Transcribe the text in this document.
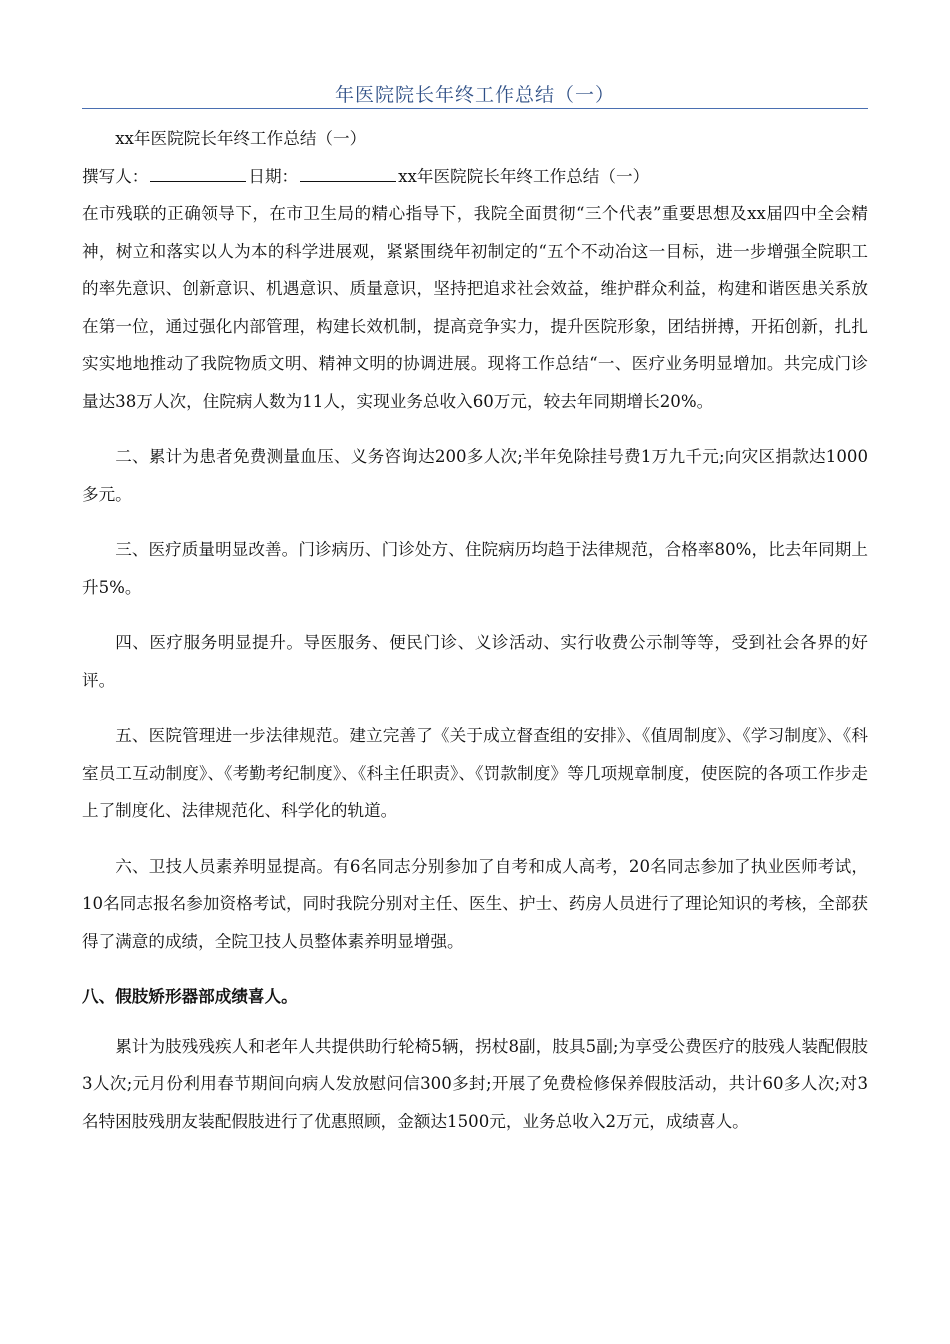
年医院院长年终工作总结（一）

xx年医院院长年终工作总结（一）

撰写人：	日期：	xx年医院院长年终工作总结（一）

在市残联的正确领导下，在市卫生局的精心指导下，我院全面贯彻“三个代表”重要思想及xx届四中全会精神，树立和落实以人为本的科学进展观，紧紧围绕年初制定的“五个不动冶这一目标，进一步增强全院职工的率先意识、创新意识、机遇意识、质量意识，坚持把追求社会效益，维护群众利益，构建和谐医患关系放在第一位，通过强化内部管理，构建长效机制，提高竞争实力，提升医院形象，团结拼搏，开拓创新，扎扎实实地地推动了我院物质文明、精神文明的协调进展。现将工作总结“一、医疗业务明显增加。共完成门诊量达38万人次，住院病人数为11人，实现业务总收入60万元，较去年同期增长20%。

二、累计为患者免费测量血压、义务咨询达200多人次;半年免除挂号费1万九千元;向灾区捐款达1000多元。

三、医疗质量明显改善。门诊病历、门诊处方、住院病历均趋于法律规范，合格率80%，比去年同期上升5%。

四、医疗服务明显提升。导医服务、便民门诊、义诊活动、实行收费公示制等等，受到社会各界的好评。

五、医院管理进一步法律规范。建立完善了《关于成立督查组的安排》、《值周制度》、《学习制度》、《科室员工互动制度》、《考勤考纪制度》、《科主任职责》、《罚款制度》等几项规章制度，使医院的各项工作步走上了制度化、法律规范化、科学化的轨道。

六、卫技人员素养明显提高。有6名同志分别参加了自考和成人高考，20名同志参加了执业医师考试，10名同志报名参加资格考试，同时我院分别对主任、医生、护士、药房人员进行了理论知识的考核，全部获得了满意的成绩，全院卫技人员整体素养明显增强。

八、假肢矫形器部成绩喜人。

累计为肢残残疾人和老年人共提供助行轮椅5辆，拐杖8副，肢具5副;为享受公费医疗的肢残人装配假肢3人次;元月份利用春节期间向病人发放慰问信300多封;开展了免费检修保养假肢活动，共计60多人次;对3名特困肢残朋友装配假肢进行了优惠照顾，金额达1500元，业务总收入2万元，成绩喜人。
